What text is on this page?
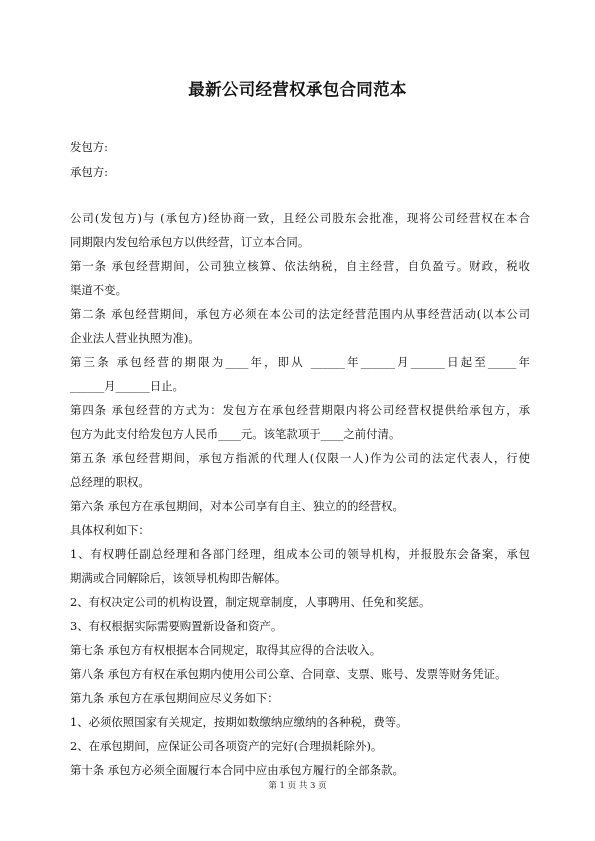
最新公司经营权承包合同范本
发包方:
承包方:
公司(发包方)与 (承包方)经协商一致，且经公司股东会批准，现将公司经营权在本合
同期限内发包给承包方以供经营，订立本合同。
第一条 承包经营期间，公司独立核算、依法纳税，自主经营，自负盈亏。财政，税收
渠道不变。
第二条 承包经营期间，承包方必须在本公司的法定经营范围内从事经营活动(以本公司
企业法人营业执照为准)。
第三条 承包经营的期限为____年，即从 ______年______月______日起至_____年
______月______日止。
第四条 承包经营的方式为：发包方在承包经营期限内将公司经营权提供给承包方，承
包方为此支付给发包方人民币____元。该笔款项于____之前付清。
第五条 承包经营期间，承包方指派的代理人(仅限一人)作为公司的法定代表人，行使
总经理的职权。
第六条 承包方在承包期间，对本公司享有自主、独立的的经营权。
具体权利如下：
1、有权聘任副总经理和各部门经理，组成本公司的领导机构，并报股东会备案，承包
期满或合同解除后，该领导机构即告解体。
2、有权决定公司的机构设置，制定规章制度，人事聘用、任免和奖惩。
3、有权根据实际需要购置新设备和资产。
第七条 承包方有权根据本合同规定，取得其应得的合法收入。
第八条 承包方有权在承包期内使用公司公章、合同章、支票、账号、发票等财务凭证。
第九条 承包方在承包期间应尽义务如下：
1、必须依照国家有关规定，按期如数缴纳应缴纳的各种税，费等。
2、在承包期间，应保证公司各项资产的完好(合理损耗除外)。
第十条 承包方必须全面履行本合同中应由承包方履行的全部条款。
第 1 页 共 3 页
